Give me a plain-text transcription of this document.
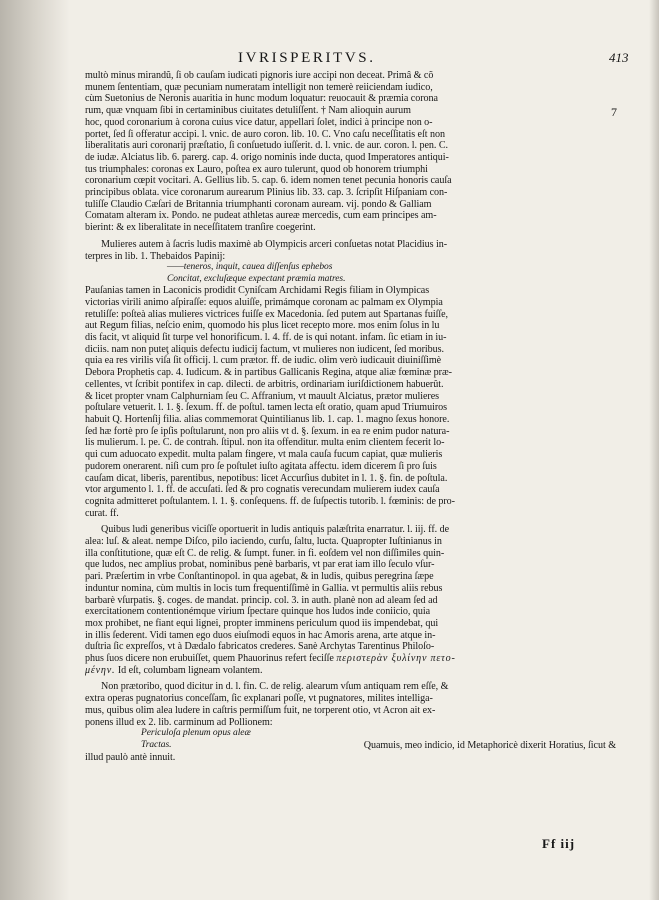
IVRISPERITVS.	413
7

multò minus mirandũ, ſi ob cauſam iudicati pignoris iure accipi non deceat. Primâ & cõ

munem ſententiam, quæ pecuniam numeratam intelligit non temerè reiiciendam iudico,

cùm Suetonius de Neronis auaritia in hunc modum loquatur: reuocauit & præmia corona

rum, quæ vnquam ſibi in certaminibus ciuitates detuliſſent. † Nam alioquin aurum

hoc, quod coronarium à corona cuius vice datur, appellari ſolet, indici à principe non o-

portet, ſed ſi offeratur accipi. l. vnic. de auro coron. lib. 10. C. Vno caſu neceſſitatis eſt non

liberalitatis auri coronarij præſtatio, ſi conſuetudo iuſſerit. d. l. vnic. de aur. coron. l. pen. C.

de iudæ. Alciatus lib. 6. parerg. cap. 4. origo nominis inde ducta, quod Imperatores antiqui-

tus triumphales: coronas ex Lauro, poſtea ex auro tulerunt, quod ob honorem triumphi

coronarium cœpit vocitari. A. Gellius lib. 5. cap. 6. idem nomen tenet pecunia honoris cauſa

principibus oblata. vice coronarum aurearum Plinius lib. 33. cap. 3. ſcripſit Hiſpaniam con-

tuliſſe Claudio Cæſari de Britannia triumphanti coronam auream. vij. pondo & Galliam

Comatam alteram ix. Pondo. ne pudeat athletas aureæ mercedis, cum eam principes am-

bierint: & ex liberalitate in neceſſitatem tranſire coegerint.

Mulieres autem à ſacris ludis maximè ab Olympicis arceri conſuetas notat Placidius in-

terpres in lib. 1. Thebaidos Papinij:

——teneros, inquit, cauea diſſenſus ephebos

Concitat, excluſæque expectant præmia matres.

Pauſanias tamen in Laconicis prodidit Cyniſcam Archidami Regis filiam in Olympicas

victorias virili animo aſpiraſſe: equos aluiſſe, primámque coronam ac palmam ex Olympia

retuliſſe: poſteà alias mulieres victrices fuiſſe ex Macedonia. ſed putem aut Spartanas fuiſſe,

aut Regum filias, neſcio enim, quomodo his plus licet recepto more. mos enim ſolus in lu

dis facit, vt aliquid ſit turpe vel honorificum. l. 4. ff. de is qui notant. infam. ſic etiam in iu-

diciis. nam non puteţ aliquis defectu iudicij factum, vt mulieres non iudicent, ſed moribus.

quia ea res virilis viſa ſit officij. l. cum prætor. ff. de iudic. olim verò iudicauit diuiniſſimè

Debora Prophetis cap. 4. Iudicum. & in partibus Gallicanis Regina, atque aliæ fœminæ præ-

cellentes, vt ſcribit pontifex in cap. dilecti. de arbitris, ordinariam iuriſdictionem habuerût.

& licet propter vnam Calphurniam ſeu C. Affranium, vt mauult Alciatus, prætor mulieres

poſtulare vetuerit. l. 1. §. ſexum. ff. de poſtul. tamen lecta eſt oratio, quam apud Triumuiros

habuit Q. Hortenſij filia. alias commemorat Quintilianus lib. 1. cap. 1. magno ſexus honore.

ſed hæ fortè pro ſe ipſis poſtularunt, non pro aliis vt d. §. ſexum. in ea re enim pudor natura-

lis mulierum. l. pe. C. de contrah. ſtipul. non ita offenditur. multa enim clientem fecerit lo-

qui cum aduocato expedit. multa palam fingere, vt mala cauſa fucum capiat, quæ mulieris

pudorem onerarent. niſi cum pro ſe poſtulet iuſto agitata affectu. idem dicerem ſi pro ſuis

cauſam dicat, liberis, parentibus, nepotibus: licet Accurſius dubitet in l. 1. §. fin. de poſtula.

vtor argumento l. 1. ff. de accuſati. ſed & pro cognatis verecundam mulierem iudex cauſa

cognita admitteret poſtulantem. l. 1. §. conſequens. ff. de ſuſpectis tutorib. l. fœminis: de pro-

curat. ff.

Quibus ludi generibus viciſſe oportuerit in ludis antiquis palæſtrita enarratur. l. iij. ff. de

alea: luſ. & aleat. nempe Diſco, pilo iaciendo, curſu, ſaltu, lucta. Quapropter Iuſtinianus in

illa conſtitutione, quæ eſt C. de relig. & ſumpt. funer. in fi. eoſdem vel non diſſimiles quin-

que ludos, nec amplius probat, nominibus penè barbaris, vt par erat iam illo ſeculo vſur-

pari. Præſertim in vrbe Conſtantinopol. in qua agebat, & in ludis, quibus peregrina ſæpe

induntur nomina, cùm multis in locis tum frequentiſſimè in Gallia. vt permultis aliis rebus

barbarè vſurpatis. §. coges. de mandat. princip. col. 3. in auth. planè non ad aleam ſed ad

exercitationem contentionémque virium ſpectare quinque hos ludos inde coniicio, quia

mox prohibet, ne fiant equi lignei, propter imminens periculum quod iis impendebat, qui

in illis ſederent. Vidi tamen ego duos eiuſmodi equos in hac Amoris arena, arte atque in-

duſtria ſic expreſſos, vt à Dædalo fabricatos crederes. Sanè Archytas Tarentinus Philoſo-

phus ſuos dicere non erubuiſſet, quem Phauorinus refert feciſſe περιστερὰν ξυλίνην πετο-

μένην. Id eſt, columbam ligneam volantem.

Non prætoribo, quod dicitur in d. l. fin. C. de relig. alearum vſum antiquam rem eſſe, &

extra operas pugnatorius conceſſam, ſic explanari poſſe, vt pugnatores, milites intelliga-

mus, quibus olim alea ludere in caſtris permiſſum fuit, ne torperent otio, vt Acron ait ex-

ponens illud ex 2. lib. carminum ad Pollionem:

Periculoſa plenum opus aleæ

Tractas.	Quamuis, meo indicio, id Metaphoricè dixerit Horatius, ſicut &

illud paulò antè innuit.

Ff iij
